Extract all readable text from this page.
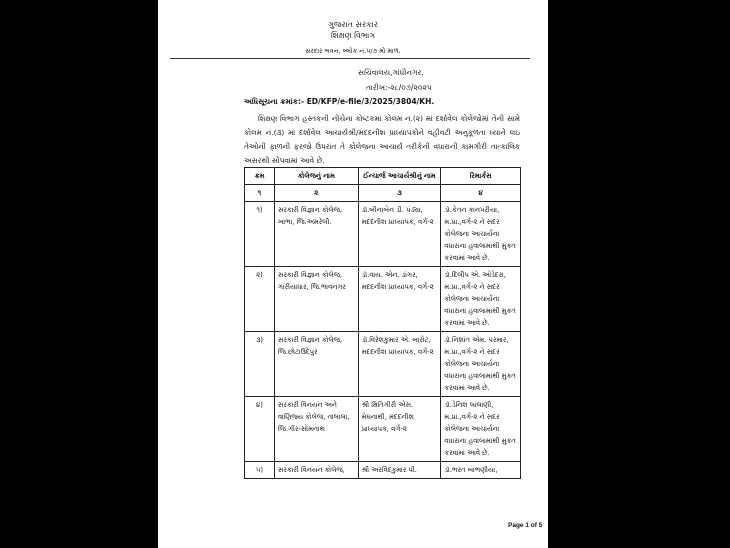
ગુજરાત સરકાર
શિક્ષણ વિભાગ
સરદાર ભવન, બ્લોક નં.૫/૭ મો માળ,
સચિવાલય,ગાંધીનગર.
તારીખ:-૨૮/૦૭/૨૦૨૫
અધિસૂચના ક્રમાંક:- ED/KFP/e-file/3/2025/3804/KH.
શિક્ષણ વિભાગ હસ્તકની નીચેના કોષ્ટકમાં કોલમ નં.(૨) માં દર્શાવેલ કોલેજોમાં તેની સામે કોલમ નં.(૩) માં દર્શાવેલ આચાર્યશ્રી/મદદનીશ પ્રાધ્યાપકોને વહીવટી અનુકૂળતા ધ્યાને લઇ તેઓની ફાળની ફરજો ઉપરાંત તે કોલેજના આચાર્ય તરીકેની વધારાની કામગીરી તાત્કાલિક અસરથી સોંપવામાં આવે છે.
ક્રમ	કોલેજનું નામ	ઈન્ચાર્જ આચાર્યશ્રીનું નામ	રિમાર્કસ
૧	૨	૩	૪
૧)	સરકારી વિજ્ઞાન કોલેજ, ખાંભા, જિ.અમરેલી.	ડૉ.બીનાબેન ડી. પંડ્યા, મદદનીશ પ્રાધ્યાપક, વર્ગ-૨	ડૉ.કેતન કાનપરીયા, મ.પ્રા.,વર્ગ-૨ ને સદર કોલેજના આચાર્યના વધારાના હવાલામાંથી મુકત કરવામાં આવે છે.
૨)	સરકારી વિજ્ઞાન કોલેજ, ગારીયાધાર, જિ.ભાવનગર	ડૉ.વાય. એન. ડાંગર, મદદનીશ પ્રાધ્યાપક, વર્ગ-૨	ડૉ.દિલીપ એ. ઓડેદરા, મ.પ્રા.,વર્ગ-૨ ને સદર કોલેજના આચાર્યના વધારાના હવાલામાંથી મુકત કરવામાં આવે છે.
૩)	સરકારી વિજ્ઞાન કોલેજ, જિ.છોટાઉદેપુર	ડૉ.વિરેશકુમાર એ. બારોટ, મદદનીશ પ્રાધ્યાપક, વર્ગ-૨	ડૉ.નિશાંત એમ. પરમાર, મ.પ્રા.,વર્ગ-૨ ને સદર કોલેજના આચાર્યના વધારાના હવાલામાંથી મુકત કરવામાં આવે છે.
૪)	સરકારી વિનયન અને વાણિજ્ય કોલેજ, તાલાલા, જિ.ગીર-સોમનાથ	શ્રી ક્ષિતિગીરી એસ. મેઘનાથી, મદદનીશ પ્રાધ્યાપક, વર્ગ-૨	ડૉ.ડેનિશ લાલાણી, મ.પ્રા.,વર્ગ-૨ ને સદર કોલેજના આચાર્યના વધારાના હવાલામાંથી મુકત કરવામાં આવે છે.
૫)	સરકારી વિનયન કોલેજ,	શ્રી અરવિંદકુમાર પી.	ડૉ.ભરત બાંભણીયા,
Page 1 of 5
